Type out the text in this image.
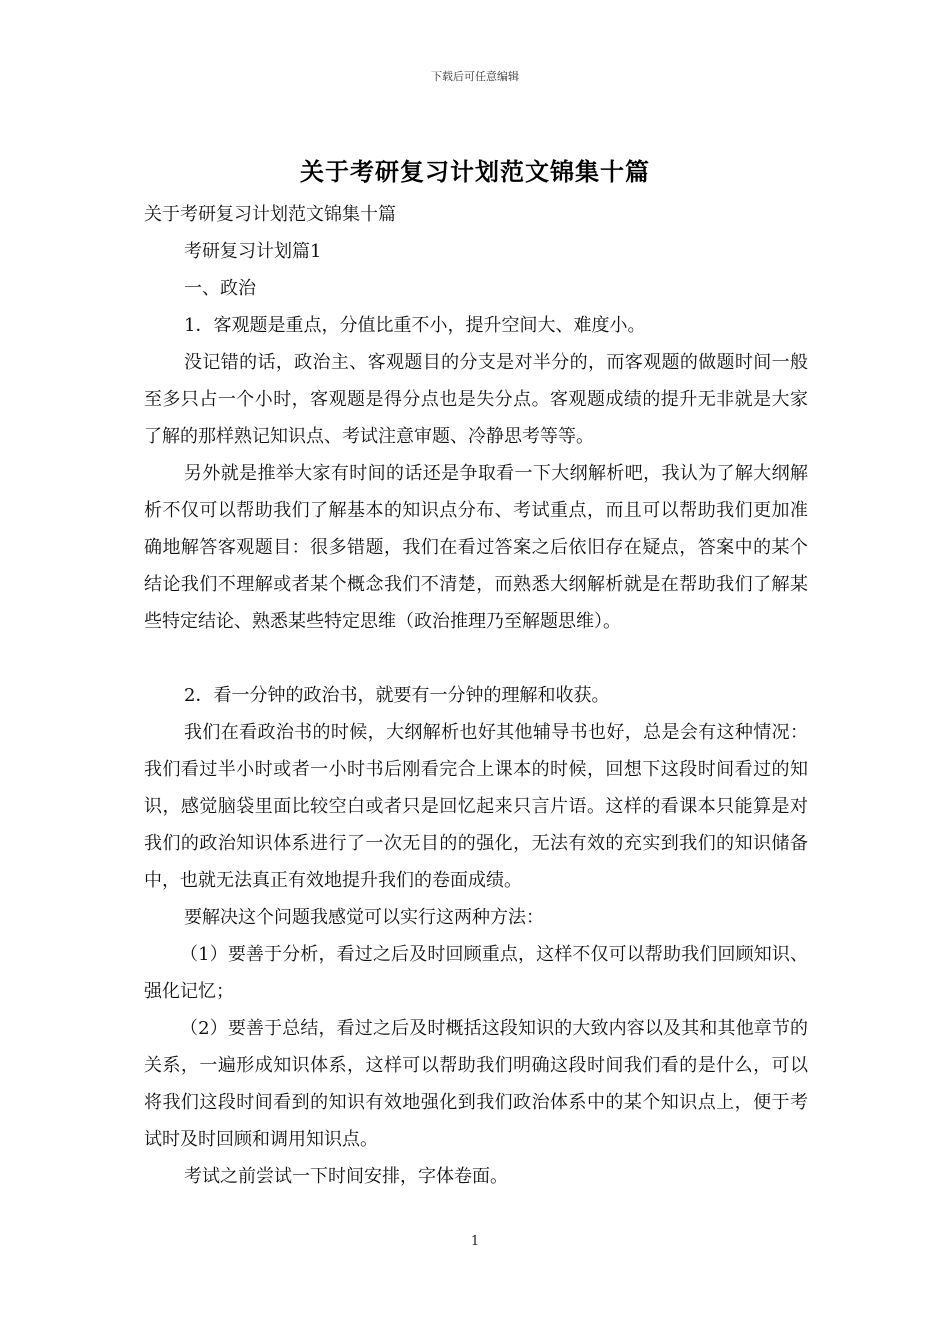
下载后可任意编辑
关于考研复习计划范文锦集十篇

关于考研复习计划范文锦集十篇

考研复习计划篇1

一、政治

1．客观题是重点，分值比重不小，提升空间大、难度小。

没记错的话，政治主、客观题目的分支是对半分的，而客观题的做题时间一般至多只占一个小时，客观题是得分点也是失分点。客观题成绩的提升无非就是大家了解的那样熟记知识点、考试注意审题、冷静思考等等。

另外就是推举大家有时间的话还是争取看一下大纲解析吧，我认为了解大纲解析不仅可以帮助我们了解基本的知识点分布、考试重点，而且可以帮助我们更加准确地解答客观题目：很多错题，我们在看过答案之后依旧存在疑点，答案中的某个结论我们不理解或者某个概念我们不清楚，而熟悉大纲解析就是在帮助我们了解某些特定结论、熟悉某些特定思维（政治推理乃至解题思维）。

2．看一分钟的政治书，就要有一分钟的理解和收获。

我们在看政治书的时候，大纲解析也好其他辅导书也好，总是会有这种情况：我们看过半小时或者一小时书后刚看完合上课本的时候，回想下这段时间看过的知识，感觉脑袋里面比较空白或者只是回忆起来只言片语。这样的看课本只能算是对我们的政治知识体系进行了一次无目的的强化，无法有效的充实到我们的知识储备中，也就无法真正有效地提升我们的卷面成绩。

要解决这个问题我感觉可以实行这两种方法：

（1）要善于分析，看过之后及时回顾重点，这样不仅可以帮助我们回顾知识、强化记忆；

（2）要善于总结，看过之后及时概括这段知识的大致内容以及其和其他章节的关系，一遍形成知识体系，这样可以帮助我们明确这段时间我们看的是什么，可以将我们这段时间看到的知识有效地强化到我们政治体系中的某个知识点上，便于考试时及时回顾和调用知识点。

考试之前尝试一下时间安排，字体卷面。

1
